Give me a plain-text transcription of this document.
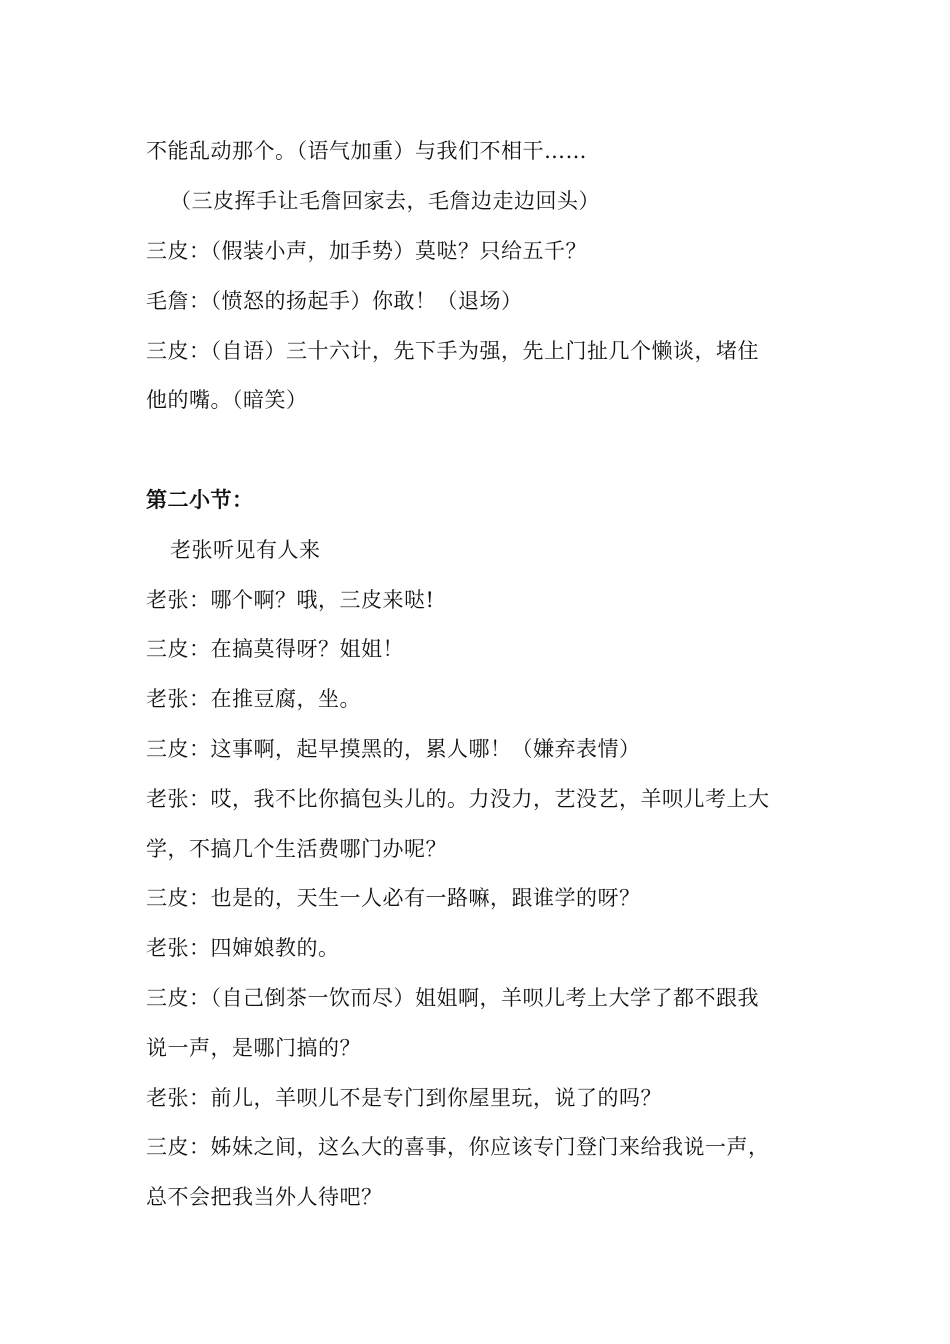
不能乱动那个。（语气加重）与我们不相干……
（三皮挥手让毛詹回家去，毛詹边走边回头）
三皮：（假装小声，加手势）莫哒？只给五千？
毛詹：（愤怒的扬起手）你敢！（退场）
三皮：（自语）三十六计，先下手为强，先上门扯几个懒谈，堵住
他的嘴。（暗笑）
第二小节：
老张听见有人来
老张：哪个啊？哦，三皮来哒!
三皮：在搞莫得呀？姐姐！
老张：在推豆腐，坐。
三皮：这事啊，起早摸黑的，累人哪！（嫌弃表情）
老张：哎，我不比你搞包头儿的。力没力，艺没艺，羊呗儿考上大
学，不搞几个生活费哪门办呢？
三皮：也是的，天生一人必有一路嘛，跟谁学的呀？
老张：四婶娘教的。
三皮：（自己倒茶一饮而尽）姐姐啊，羊呗儿考上大学了都不跟我
说一声，是哪门搞的？
老张：前儿，羊呗儿不是专门到你屋里玩，说了的吗？
三皮：姊妹之间，这么大的喜事，你应该专门登门来给我说一声，
总不会把我当外人待吧？
